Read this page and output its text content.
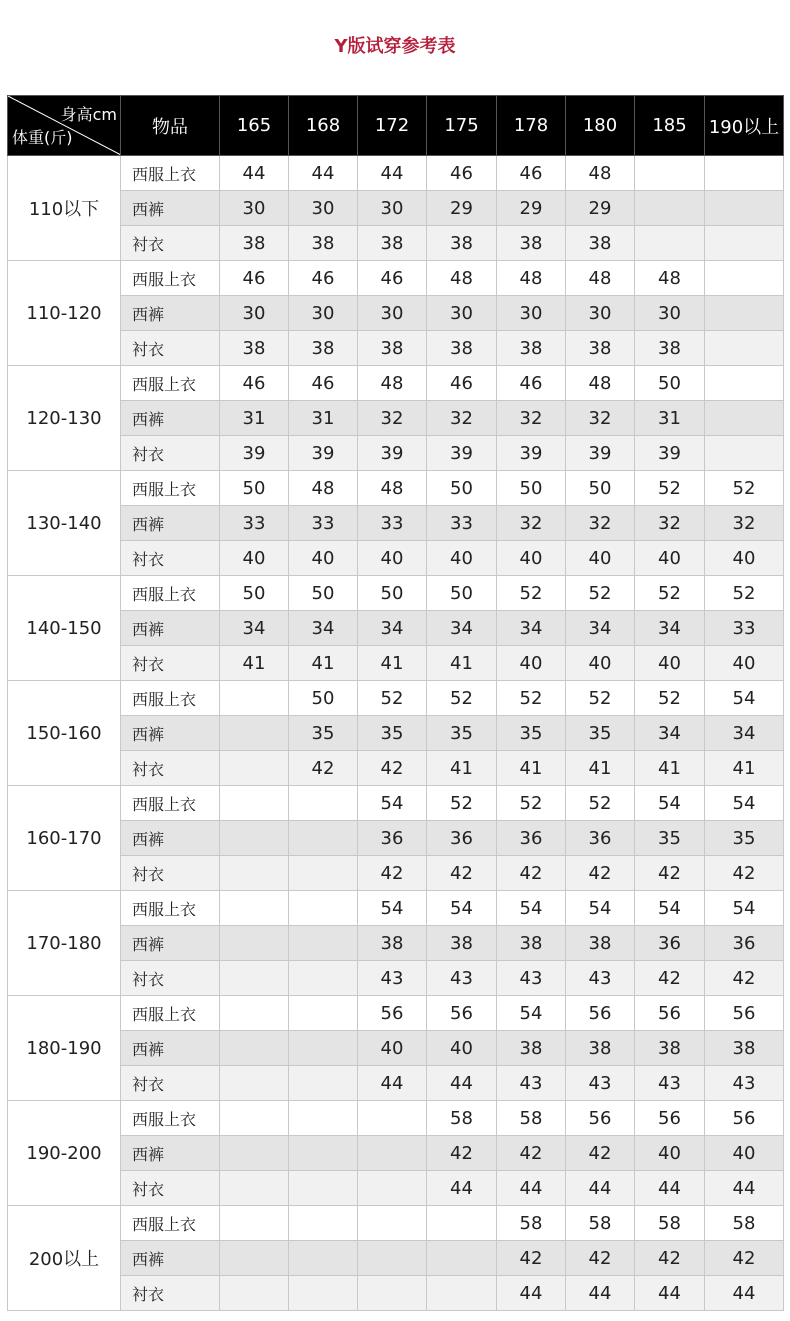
Y版试穿参考表
身高cm
体重(斤)	物品	165	168	172	175	178	180	185	190以上
110以下	西服上衣	44	44	44	46	46	48		
	西裤	30	30	30	29	29	29		
	衬衣	38	38	38	38	38	38		
110-120	西服上衣	46	46	46	48	48	48	48	
	西裤	30	30	30	30	30	30	30	
	衬衣	38	38	38	38	38	38	38	
120-130	西服上衣	46	46	48	46	46	48	50	
	西裤	31	31	32	32	32	32	31	
	衬衣	39	39	39	39	39	39	39	
130-140	西服上衣	50	48	48	50	50	50	52	52
	西裤	33	33	33	33	32	32	32	32
	衬衣	40	40	40	40	40	40	40	40
140-150	西服上衣	50	50	50	50	52	52	52	52
	西裤	34	34	34	34	34	34	34	33
	衬衣	41	41	41	41	40	40	40	40
150-160	西服上衣		50	52	52	52	52	52	54
	西裤		35	35	35	35	35	34	34
	衬衣		42	42	41	41	41	41	41
160-170	西服上衣			54	52	52	52	54	54
	西裤			36	36	36	36	35	35
	衬衣			42	42	42	42	42	42
170-180	西服上衣			54	54	54	54	54	54
	西裤			38	38	38	38	36	36
	衬衣			43	43	43	43	42	42
180-190	西服上衣			56	56	54	56	56	56
	西裤			40	40	38	38	38	38
	衬衣			44	44	43	43	43	43
190-200	西服上衣				58	58	56	56	56
	西裤				42	42	42	40	40
	衬衣				44	44	44	44	44
200以上	西服上衣					58	58	58	58
	西裤					42	42	42	42
	衬衣					44	44	44	44
